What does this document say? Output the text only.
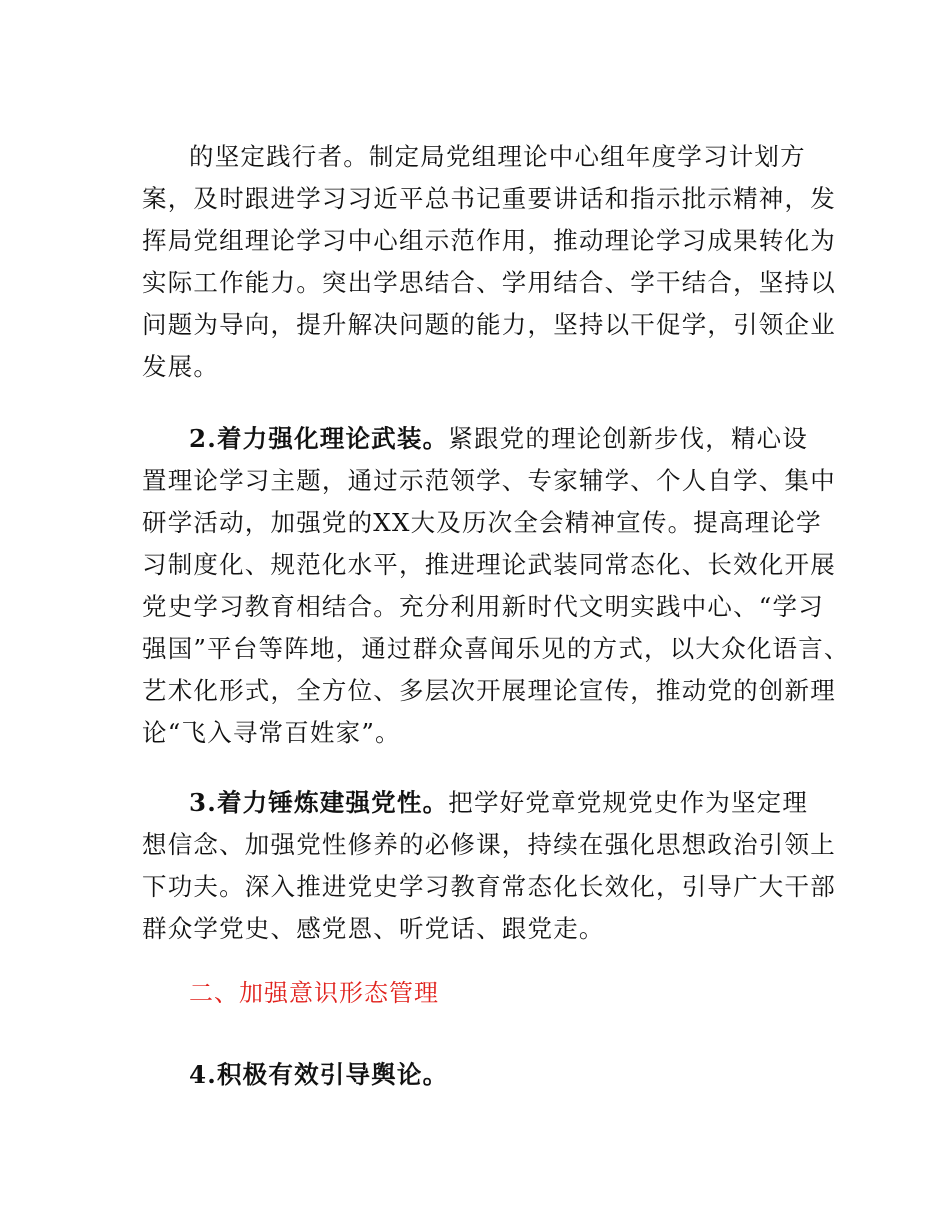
的坚定践行者。制定局党组理论中心组年度学习计划方
案，及时跟进学习习近平总书记重要讲话和指示批示精神，发
挥局党组理论学习中心组示范作用，推动理论学习成果转化为
实际工作能力。突出学思结合、学用结合、学干结合，坚持以
问题为导向，提升解决问题的能力，坚持以干促学，引领企业
发展。
2.着力强化理论武装。紧跟党的理论创新步伐，精心设
置理论学习主题，通过示范领学、专家辅学、个人自学、集中
研学活动，加强党的XX大及历次全会精神宣传。提高理论学
习制度化、规范化水平，推进理论武装同常态化、长效化开展
党史学习教育相结合。充分利用新时代文明实践中心、“学习
强国”平台等阵地，通过群众喜闻乐见的方式，以大众化语言、
艺术化形式，全方位、多层次开展理论宣传，推动党的创新理
论“飞入寻常百姓家”。
3.着力锤炼建强党性。把学好党章党规党史作为坚定理
想信念、加强党性修养的必修课，持续在强化思想政治引领上
下功夫。深入推进党史学习教育常态化长效化，引导广大干部
群众学党史、感党恩、听党话、跟党走。
二、加强意识形态管理
4.积极有效引导舆论。
